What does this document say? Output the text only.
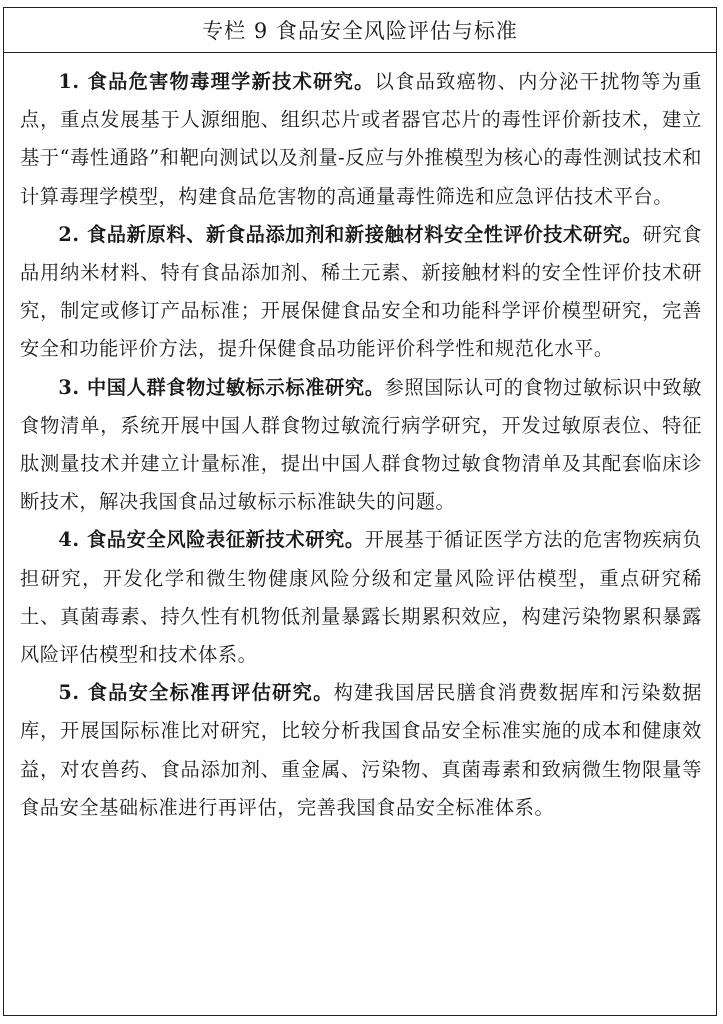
专栏 9 食品安全风险评估与标准

1. 食品危害物毒理学新技术研究。以食品致癌物、内分泌干扰物等为重点，重点发展基于人源细胞、组织芯片或者器官芯片的毒性评价新技术，建立基于“毒性通路”和靶向测试以及剂量-反应与外推模型为核心的毒性测试技术和计算毒理学模型，构建食品危害物的高通量毒性筛选和应急评估技术平台。

2. 食品新原料、新食品添加剂和新接触材料安全性评价技术研究。研究食品用纳米材料、特有食品添加剂、稀土元素、新接触材料的安全性评价技术研究，制定或修订产品标准；开展保健食品安全和功能科学评价模型研究，完善安全和功能评价方法，提升保健食品功能评价科学性和规范化水平。

3. 中国人群食物过敏标示标准研究。参照国际认可的食物过敏标识中致敏食物清单，系统开展中国人群食物过敏流行病学研究，开发过敏原表位、特征肽测量技术并建立计量标准，提出中国人群食物过敏食物清单及其配套临床诊断技术，解决我国食品过敏标示标准缺失的问题。

4. 食品安全风险表征新技术研究。开展基于循证医学方法的危害物疾病负担研究，开发化学和微生物健康风险分级和定量风险评估模型，重点研究稀土、真菌毒素、持久性有机物低剂量暴露长期累积效应，构建污染物累积暴露风险评估模型和技术体系。

5. 食品安全标准再评估研究。构建我国居民膳食消费数据库和污染数据库，开展国际标准比对研究，比较分析我国食品安全标准实施的成本和健康效益，对农兽药、食品添加剂、重金属、污染物、真菌毒素和致病微生物限量等食品安全基础标准进行再评估，完善我国食品安全标准体系。
